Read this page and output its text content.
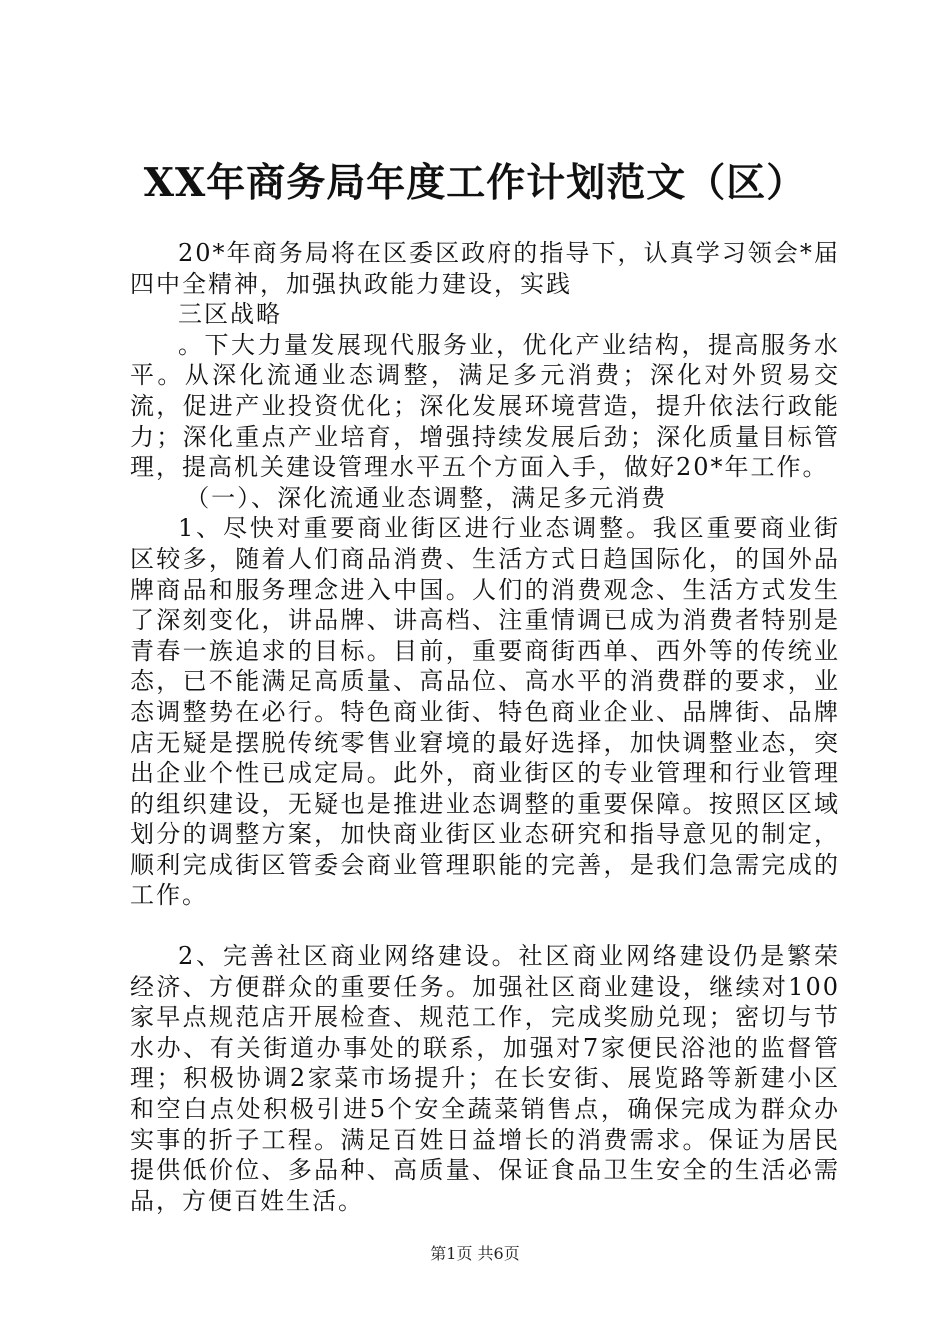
XX年商务局年度工作计划范文（区）

20*年商务局将在区委区政府的指导下，认真学习领会*届四中全精神，加强执政能力建设，实践

三区战略

。下大力量发展现代服务业，优化产业结构，提高服务水平。从深化流通业态调整，满足多元消费；深化对外贸易交流，促进产业投资优化；深化发展环境营造，提升依法行政能力；深化重点产业培育，增强持续发展后劲；深化质量目标管理，提高机关建设管理水平五个方面入手，做好20*年工作。

（一）、深化流通业态调整，满足多元消费

1、尽快对重要商业街区进行业态调整。我区重要商业街区较多，随着人们商品消费、生活方式日趋国际化，的国外品牌商品和服务理念进入中国。人们的消费观念、生活方式发生了深刻变化，讲品牌、讲高档、注重情调已成为消费者特别是青春一族追求的目标。目前，重要商街西单、西外等的传统业态，已不能满足高质量、高品位、高水平的消费群的要求，业态调整势在必行。特色商业街、特色商业企业、品牌街、品牌店无疑是摆脱传统零售业窘境的最好选择，加快调整业态，突出企业个性已成定局。此外，商业街区的专业管理和行业管理的组织建设，无疑也是推进业态调整的重要保障。按照区区域划分的调整方案，加快商业街区业态研究和指导意见的制定，顺利完成街区管委会商业管理职能的完善，是我们急需完成的工作。

2、完善社区商业网络建设。社区商业网络建设仍是繁荣经济、方便群众的重要任务。加强社区商业建设，继续对100家早点规范店开展检查、规范工作，完成奖励兑现；密切与节水办、有关街道办事处的联系，加强对7家便民浴池的监督管理；积极协调2家菜市场提升；在长安街、展览路等新建小区和空白点处积极引进5个安全蔬菜销售点，确保完成为群众办实事的折子工程。满足百姓日益增长的消费需求。保证为居民提供低价位、多品种、高质量、保证食品卫生安全的生活必需品，方便百姓生活。

第1页 共6页
